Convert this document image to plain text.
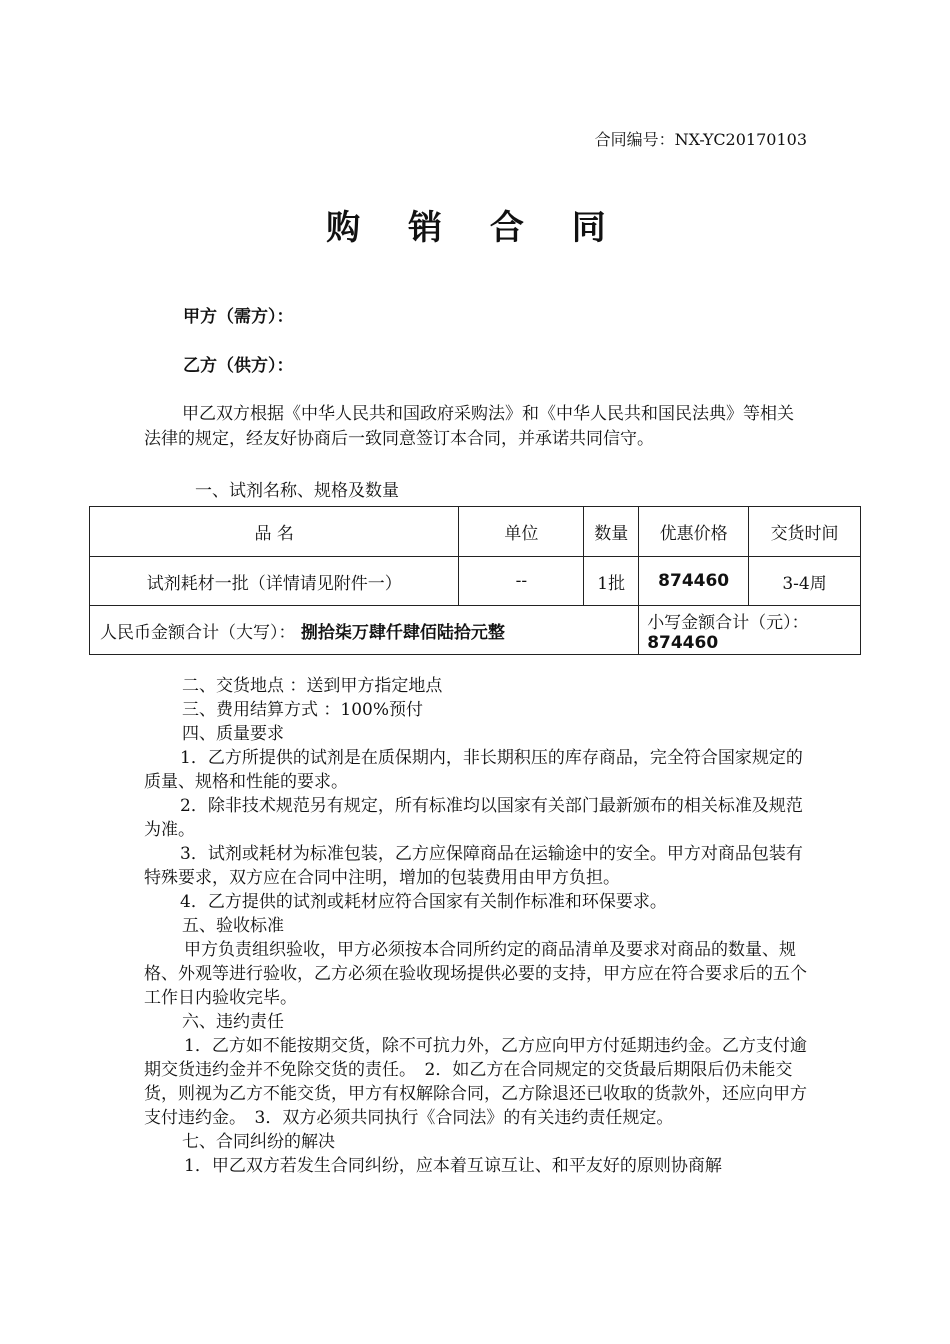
合同编号：NX-YC20170103
购 销 合 同
甲方（需方）：
乙方（供方）：
甲乙双方根据《中华人民共和国政府采购法》和《中华人民共和国民法典》等相关法律的规定，经友好协商后一致同意签订本合同，并承诺共同信守。
一、试剂名称、规格及数量
品 名	单位	数量	优惠价格	交货时间
试剂耗材一批（详情请见附件一）	--	1批	874460	3-4周
人民币金额合计（大写）： 捌拾柒万肆仟肆佰陆拾元整			小写金额合计（元）： 874460	

二、交货地点 ：送到甲方指定地点

三、费用结算方式 ：100%预付

四、质量要求

1．乙方所提供的试剂是在质保期内，非长期积压的库存商品，完全符合国家规定的质量、规格和性能的要求。

2．除非技术规范另有规定，所有标准均以国家有关部门最新颁布的相关标准及规范为准。

3．试剂或耗材为标准包装，乙方应保障商品在运输途中的安全。甲方对商品包装有特殊要求，双方应在合同中注明，增加的包装费用由甲方负担。

4．乙方提供的试剂或耗材应符合国家有关制作标准和环保要求。

五、验收标准

甲方负责组织验收，甲方必须按本合同所约定的商品清单及要求对商品的数量、规格、外观等进行验收，乙方必须在验收现场提供必要的支持，甲方应在符合要求后的五个工作日内验收完毕。

六、违约责任

1．乙方如不能按期交货，除不可抗力外，乙方应向甲方付延期违约金。乙方支付逾期交货违约金并不免除交货的责任。　2．如乙方在合同规定的交货最后期限后仍未能交货，则视为乙方不能交货，甲方有权解除合同，乙方除退还已收取的货款外，还应向甲方支付违约金。　3．双方必须共同执行《合同法》的有关违约责任规定。

七、合同纠纷的解决

1．甲乙双方若发生合同纠纷，应本着互谅互让、和平友好的原则协商解
